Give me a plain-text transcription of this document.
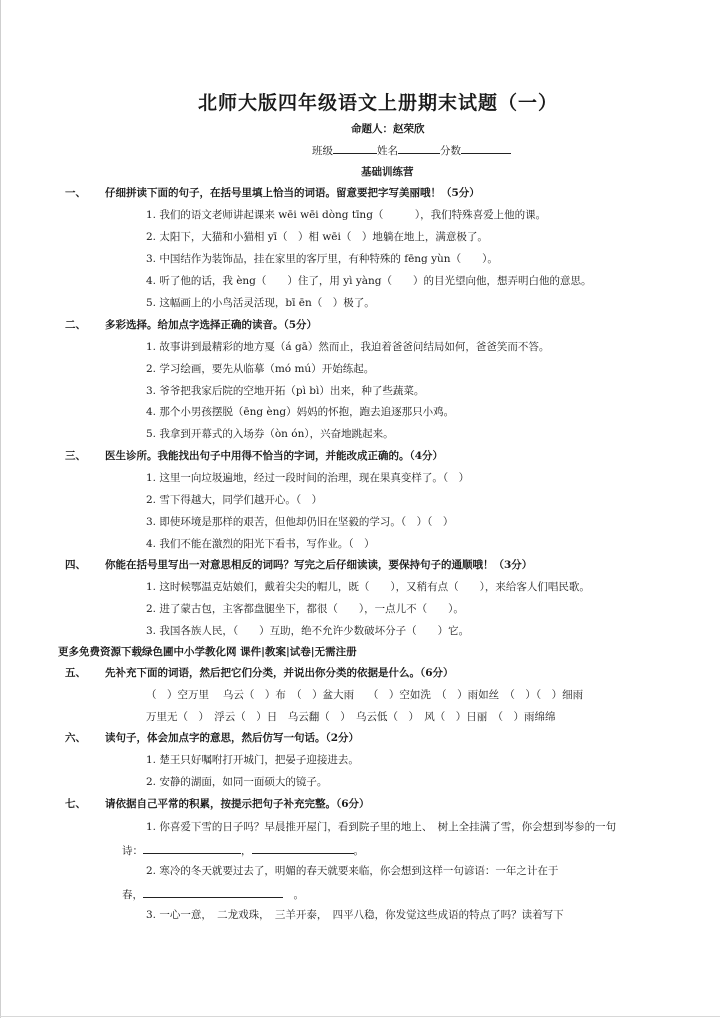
北师大版四年级语文上册期末试题（一）
命题人：赵荣欣
班级	姓名	分数
基础训练营
一、 仔细拼读下面的句子，在括号里填上恰当的词语。留意要把字写美丽哦！（5分）
1. 我们的语文老师讲起课来 wēi wēi dòng tīng（　　　），我们特殊喜爱上他的课。
2. 太阳下，大猫和小猫相 yī（　）相 wēi（　）地躺在地上，满意极了。
3. 中国结作为装饰品，挂在家里的客厅里，有种特殊的 fēng yùn（　　）。
4. 听了他的话，我 èng（　　）住了，用 yì yàng（　　）的目光望向他，想弄明白他的意思。
5. 这幅画上的小鸟活灵活现，bī ēn（　）极了。
二、 多彩选择。给加点字选择正确的读音。（5分）
1. 故事讲到最精彩的地方戛（á gā）然而止，我迫着爸爸问结局如何，爸爸笑而不答。
2. 学习绘画，要先从临摹（mó mú）开始练起。
3. 爷爷把我家后院的空地开拓（pì bì）出来，种了些蔬菜。
4. 那个小男孩摆脱（ēng èng）妈妈的怀抱，跑去追逐那只小鸡。
5. 我拿到开幕式的入场券（òn ón），兴奋地跳起来。
三、 医生诊所。我能找出句子中用得不恰当的字词，并能改成正确的。（4分）
1. 这里一向垃圾遍地，经过一段时间的治理，现在果真变样了。（　）
2. 雪下得越大，同学们越开心。（　）
3. 即使环境是那样的艰苦，但他却仍旧在坚毅的学习。（　）（　）
4. 我们不能在激烈的阳光下看书，写作业。（　）
四、 你能在括号里写出一对意思相反的词吗？写完之后仔细读读，要保持句子的通顺哦！（3分）
1. 这时候鄂温克姑娘们，戴着尖尖的帽儿，既（　　），又稍有点（　　），来给客人们唱民歌。
2. 进了蒙古包，主客都盘腿坐下，都很（　　），一点儿不（　　）。
3. 我国各族人民，（　　）互助，绝不允许少数破坏分子（　　）它。
更多免费资源下载绿色圃中小学教化网 课件|教案|试卷|无需注册
五、 先补充下面的词语，然后把它们分类，并说出你分类的依据是什么。（6分）
（　）空万里　 乌云（　）布　（　）盆大雨　 （　）空如洗　（　）雨如丝　（　）（　）细雨
万里无（　）　浮云（　）日　乌云翻（　）　乌云低（　）　风（　）日丽　（　）雨绵绵
六、 读句子，体会加点字的意思，然后仿写一句话。（2分）
1. 楚王只好嘱咐打开城门，把晏子迎接进去。
2. 安静的湖面，如同一面硕大的镜子。
七、 请依据自己平常的积累，按提示把句子补充完整。（6分）
1. 你喜爱下雪的日子吗？早晨推开屋门，看到院子里的地上、　树上全挂满了雪，你会想到岑参的一句
诗：	，	。
2. 寒冷的冬天就要过去了，明媚的春天就要来临，你会想到这样一句谚语：一年之计在于
春，	　。
3. 一心一意，　二龙戏珠，　三羊开泰，　四平八稳，你发觉这些成语的特点了吗？读着写下
